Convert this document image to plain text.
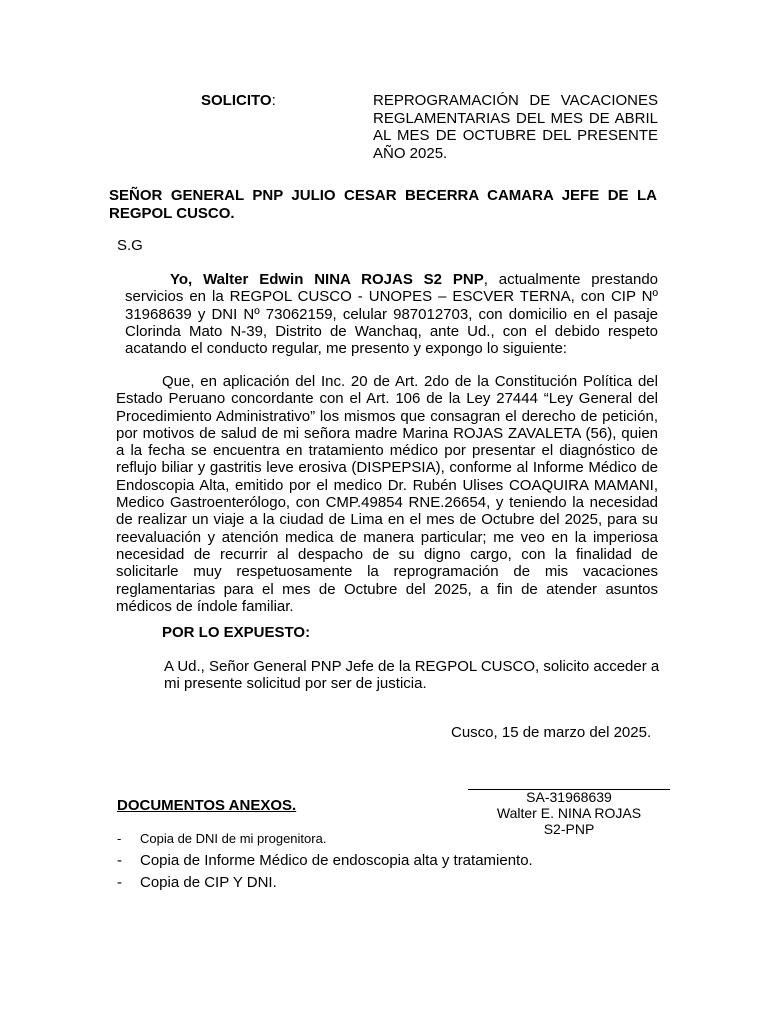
SOLICITO:	REPROGRAMACIÓN DE VACACIONES REGLAMENTARIAS DEL MES DE ABRIL AL MES DE OCTUBRE DEL PRESENTE AÑO 2025.
SEÑOR GENERAL PNP JULIO CESAR BECERRA CAMARA JEFE DE LA REGPOL CUSCO.
S.G
Yo, Walter Edwin NINA ROJAS S2 PNP, actualmente prestando servicios en la REGPOL CUSCO - UNOPES – ESCVER TERNA, con CIP Nº 31968639 y DNI Nº 73062159, celular 987012703, con domicilio en el pasaje Clorinda Mato N-39, Distrito de Wanchaq, ante Ud., con el debido respeto acatando el conducto regular, me presento y expongo lo siguiente:
Que, en aplicación del Inc. 20 de Art. 2do de la Constitución Política del Estado Peruano concordante con el Art. 106 de la Ley 27444 “Ley General del Procedimiento Administrativo” los mismos que consagran el derecho de petición, por motivos de salud de mi señora madre Marina ROJAS ZAVALETA (56), quien a la fecha se encuentra en tratamiento médico por presentar el diagnóstico de reflujo biliar y gastritis leve erosiva (DISPEPSIA), conforme al Informe Médico de Endoscopia Alta, emitido por el medico Dr. Rubén Ulises COAQUIRA MAMANI, Medico Gastroenterólogo, con CMP.49854 RNE.26654, y teniendo la necesidad de realizar un viaje a la ciudad de Lima en el mes de Octubre del 2025, para su reevaluación y atención medica de manera particular; me veo en la imperiosa necesidad de recurrir al despacho de su digno cargo, con la finalidad de solicitarle muy respetuosamente la reprogramación de mis vacaciones reglamentarias para el mes de Octubre del 2025, a fin de atender asuntos médicos de índole familiar.
POR LO EXPUESTO:
A Ud., Señor General PNP Jefe de la REGPOL CUSCO, solicito acceder a mi presente solicitud por ser de justicia.
Cusco, 15 de marzo del 2025.
SA-31968639
Walter E. NINA ROJAS
S2-PNP
DOCUMENTOS ANEXOS.
- Copia de DNI de mi progenitora.
- Copia de Informe Médico de endoscopia alta y tratamiento.
- Copia de CIP Y DNI.
